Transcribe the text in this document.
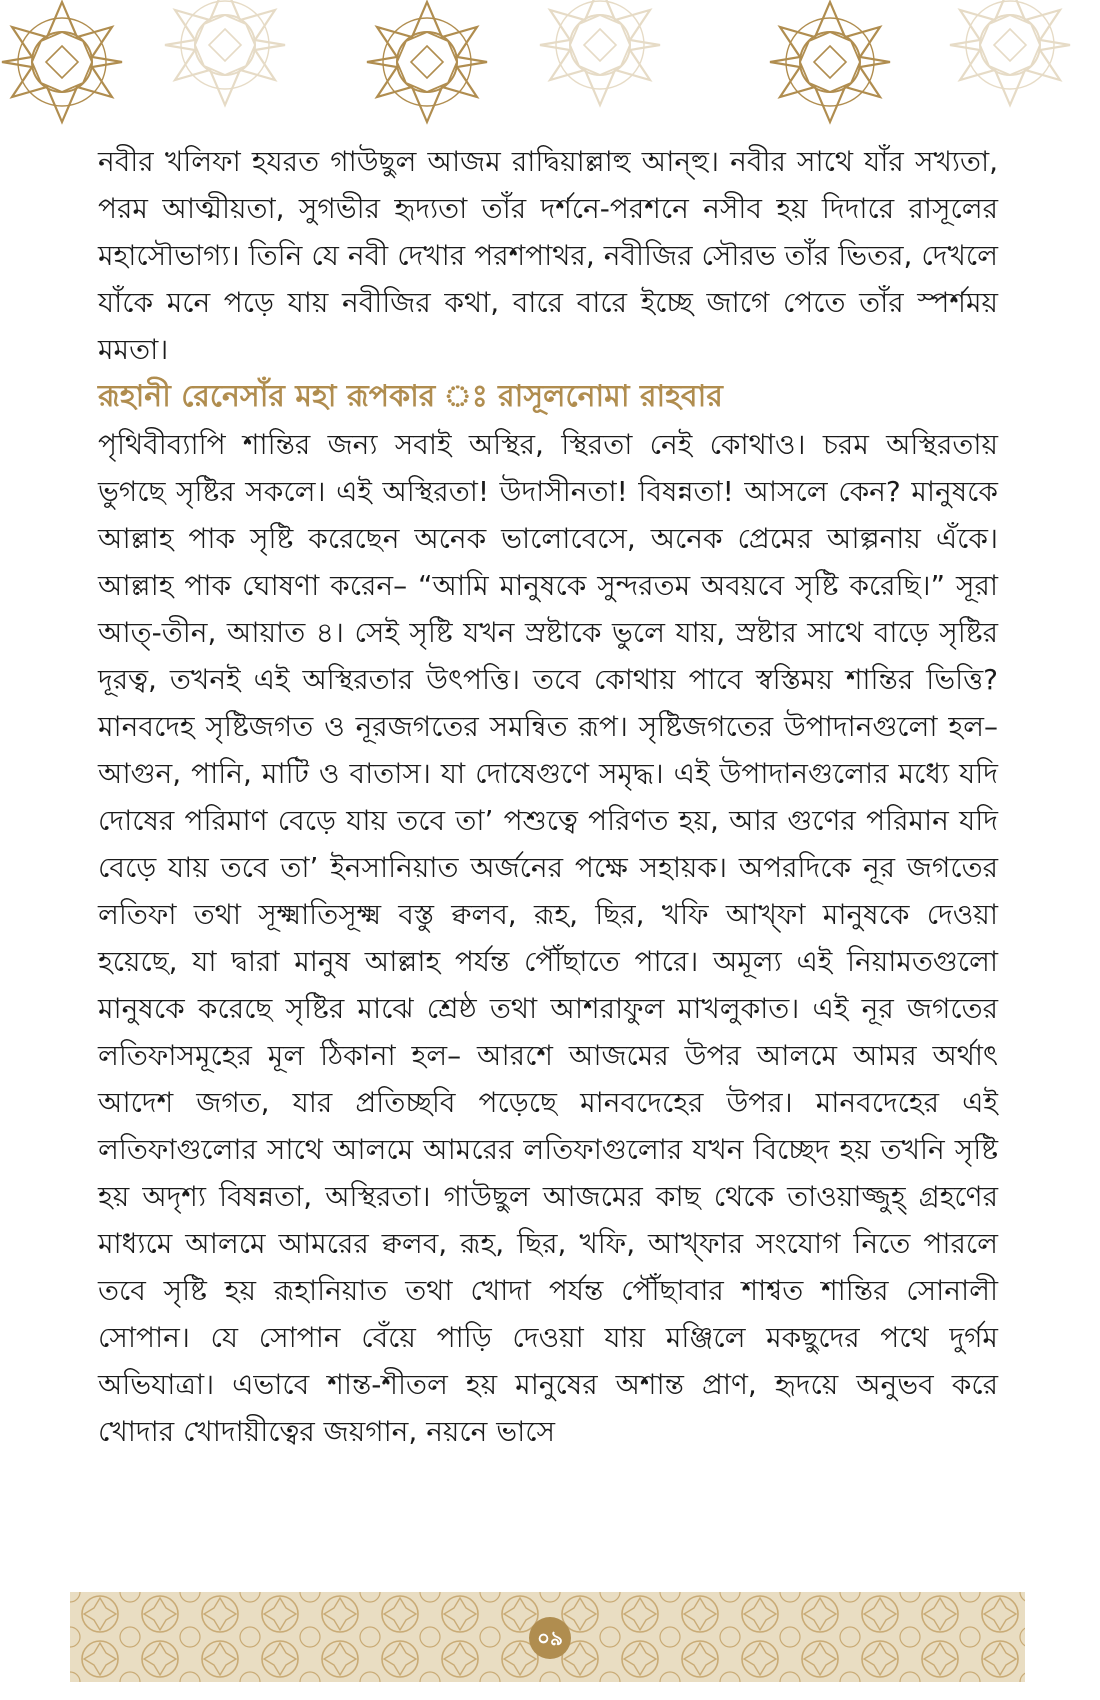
নবীর খলিফা হযরত গাউছুল আজম রাদ্বিয়াল্লাহু আন্‌হু। নবীর সাথে যাঁর সখ্যতা, পরম আত্মীয়তা, সুগভীর হৃদ্যতা তাঁর দর্শনে-পরশনে নসীব হয় দিদারে রাসূলের মহাসৌভাগ্য। তিনি যে নবী দেখার পরশপাথর, নবীজির সৌরভ তাঁর ভিতর, দেখলে যাঁকে মনে পড়ে যায় নবীজির কথা, বারে বারে ইচ্ছে জাগে পেতে তাঁর স্পর্শময় মমতা।

রূহানী রেনেসাঁর মহা রূপকার ঃ রাসূলনোমা রাহবার

পৃথিবীব্যাপি শান্তির জন্য সবাই অস্থির, স্থিরতা নেই কোথাও। চরম অস্থিরতায় ভুগছে সৃষ্টির সকলে। এই অস্থিরতা! উদাসীনতা! বিষন্নতা! আসলে কেন? মানুষকে আল্লাহ পাক সৃষ্টি করেছেন অনেক ভালোবেসে, অনেক প্রেমের আল্পনায় এঁকে। আল্লাহ পাক ঘোষণা করেন– “আমি মানুষকে সুন্দরতম অবয়বে সৃষ্টি করেছি।” সূরা আত্-তীন, আয়াত ৪। সেই সৃষ্টি যখন স্রষ্টাকে ভুলে যায়, স্রষ্টার সাথে বাড়ে সৃষ্টির দূরত্ব, তখনই এই অস্থিরতার উৎপত্তি। তবে কোথায় পাবে স্বস্তিময় শান্তির ভিত্তি? মানবদেহ সৃষ্টিজগত ও নূরজগতের সমন্বিত রূপ। সৃষ্টিজগতের উপাদানগুলো হল– আগুন, পানি, মাটি ও বাতাস। যা দোষেগুণে সমৃদ্ধ। এই উপাদানগুলোর মধ্যে যদি দোষের পরিমাণ বেড়ে যায় তবে তা’ পশুত্বে পরিণত হয়, আর গুণের পরিমান যদি বেড়ে যায় তবে তা’ ইনসানিয়াত অর্জনের পক্ষে সহায়ক। অপরদিকে নূর জগতের লতিফা তথা সূক্ষ্মাতিসূক্ষ্ম বস্তু ক্বলব, রূহ, ছির, খফি আখ্‌ফা মানুষকে দেওয়া হয়েছে, যা দ্বারা মানুষ আল্লাহ পর্যন্ত পৌঁছাতে পারে। অমূল্য এই নিয়ামতগুলো মানুষকে করেছে সৃষ্টির মাঝে শ্রেষ্ঠ তথা আশরাফুল মাখলুকাত। এই নূর জগতের লতিফাসমূহের মূল ঠিকানা হল– আরশে আজমের উপর আলমে আমর অর্থাৎ আদেশ জগত, যার প্রতিচ্ছবি পড়েছে মানবদেহের উপর। মানবদেহের এই লতিফাগুলোর সাথে আলমে আমরের লতিফাগুলোর যখন বিচ্ছেদ হয় তখনি সৃষ্টি হয় অদৃশ্য বিষন্নতা, অস্থিরতা। গাউছুল আজমের কাছ থেকে তাওয়াজ্জুহ্ গ্রহণের মাধ্যমে আলমে আমরের ক্বলব, রূহ, ছির, খফি, আখ্‌ফার সংযোগ নিতে পারলে তবে সৃষ্টি হয় রূহানিয়াত তথা খোদা পর্যন্ত পৌঁছাবার শাশ্বত শান্তির সোনালী সোপান। যে সোপান বেঁয়ে পাড়ি দেওয়া যায় মঞ্জিলে মকছুদের পথে দুর্গম অভিযাত্রা। এভাবে শান্ত-শীতল হয় মানুষের অশান্ত প্রাণ, হৃদয়ে অনুভব করে খোদার খোদায়ীত্বের জয়গান, নয়নে ভাসে

০৯
